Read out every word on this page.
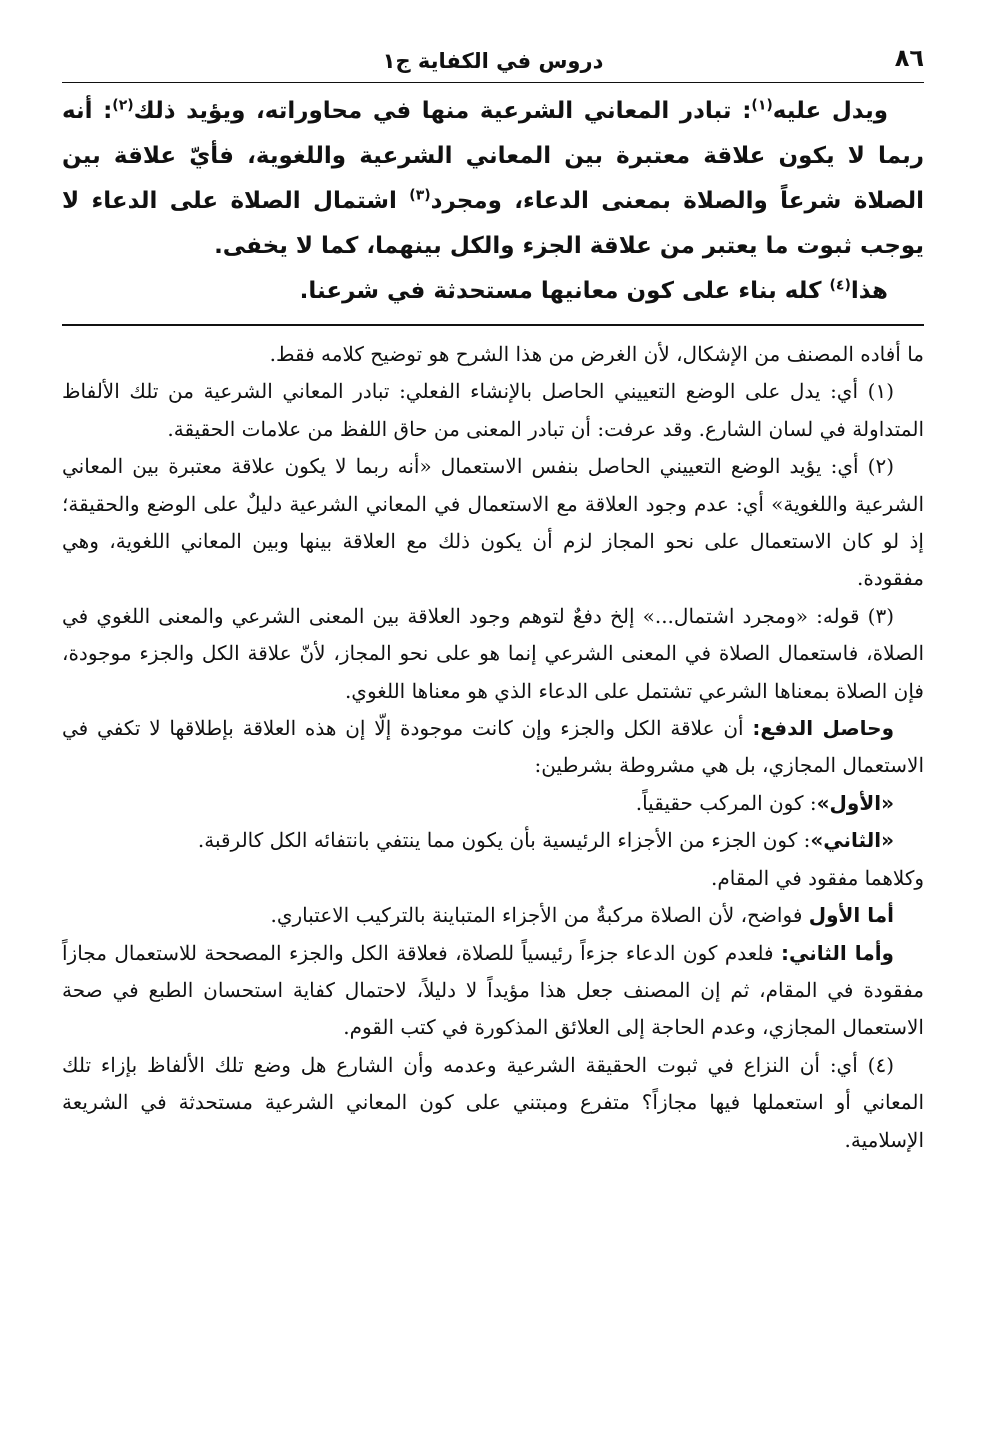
٨٦
دروس في الكفاية ج١

ويدل عليه$^{(١)}$: تبادر المعاني الشرعية منها في محاوراته، ويؤيد ذلك$^{(٢)}$: أنه ربما لا يكون علاقة معتبرة بين المعاني الشرعية واللغوية، فأيّ علاقة بين الصلاة شرعاً والصلاة بمعنى الدعاء، ومجرد$^{(٣)}$ اشتمال الصلاة على الدعاء لا يوجب ثبوت ما يعتبر من علاقة الجزء والكل بينهما، كما لا يخفى.

هذا$^{(٤)}$ كله بناء على كون معانيها مستحدثة في شرعنا.

ما أفاده المصنف من الإشكال، لأن الغرض من هذا الشرح هو توضيح كلامه فقط.

(١) أي: يدل على الوضع التعييني الحاصل بالإنشاء الفعلي: تبادر المعاني الشرعية من تلك الألفاظ المتداولة في لسان الشارع. وقد عرفت: أن تبادر المعنى من حاق اللفظ من علامات الحقيقة.

(٢) أي: يؤيد الوضع التعييني الحاصل بنفس الاستعمال «أنه ربما لا يكون علاقة معتبرة بين المعاني الشرعية واللغوية» أي: عدم وجود العلاقة مع الاستعمال في المعاني الشرعية دليلٌ على الوضع والحقيقة؛ إذ لو كان الاستعمال على نحو المجاز لزم أن يكون ذلك مع العلاقة بينها وبين المعاني اللغوية، وهي مفقودة.

(٣) قوله: «ومجرد اشتمال...» إلخ دفعٌ لتوهم وجود العلاقة بين المعنى الشرعي والمعنى اللغوي في الصلاة، فاستعمال الصلاة في المعنى الشرعي إنما هو على نحو المجاز، لأنّ علاقة الكل والجزء موجودة، فإن الصلاة بمعناها الشرعي تشتمل على الدعاء الذي هو معناها اللغوي.

وحاصل الدفع: أن علاقة الكل والجزء وإن كانت موجودة إلّا إن هذه العلاقة بإطلاقها لا تكفي في الاستعمال المجازي، بل هي مشروطة بشرطين:

«الأول»: كون المركب حقيقياً.

«الثاني»: كون الجزء من الأجزاء الرئيسية بأن يكون مما ينتفي بانتفائه الكل كالرقبة.

وكلاهما مفقود في المقام.

أما الأول فواضح، لأن الصلاة مركبةٌ من الأجزاء المتباينة بالتركيب الاعتباري.

وأما الثاني: فلعدم كون الدعاء جزءاً رئيسياً للصلاة، فعلاقة الكل والجزء المصححة للاستعمال مجازاً مفقودة في المقام، ثم إن المصنف جعل هذا مؤيداً لا دليلاً، لاحتمال كفاية استحسان الطبع في صحة الاستعمال المجازي، وعدم الحاجة إلى العلائق المذكورة في كتب القوم.

(٤) أي: أن النزاع في ثبوت الحقيقة الشرعية وعدمه وأن الشارع هل وضع تلك الألفاظ بإزاء تلك المعاني أو استعملها فيها مجازاً؟ متفرع ومبتني على كون المعاني الشرعية مستحدثة في الشريعة الإسلامية.
